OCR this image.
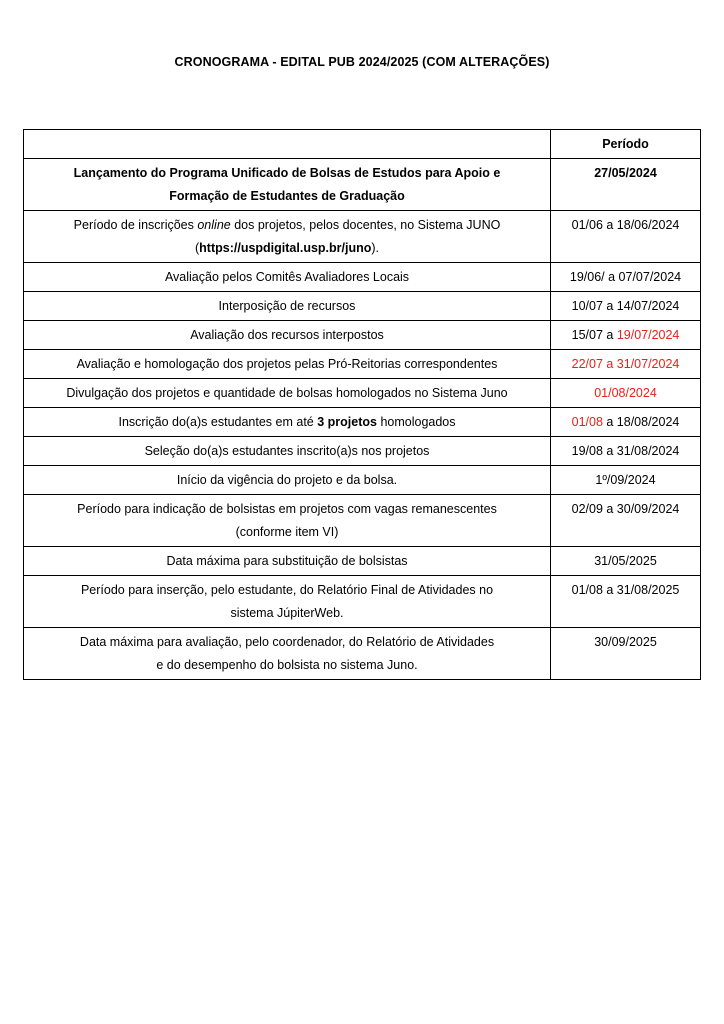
CRONOGRAMA - EDITAL PUB 2024/2025 (COM ALTERAÇÕES)
	Período

Lançamento do Programa Unificado de Bolsas de Estudos para Apoio e
Formação de Estudantes de Graduação	27/05/2024

Período de inscrições online dos projetos, pelos docentes, no Sistema JUNO
(https://uspdigital.usp.br/juno).	01/06 a 18/06/2024
Avaliação pelos Comitês Avaliadores Locais	19/06/ a 07/07/2024
Interposição de recursos	10/07 a 14/07/2024
Avaliação dos recursos interpostos	15/07 a 19/07/2024
Avaliação e homologação dos projetos pelas Pró-Reitorias correspondentes	22/07 a 31/07/2024
Divulgação dos projetos e quantidade de bolsas homologados no Sistema Juno	01/08/2024
Inscrição do(a)s estudantes em até 3 projetos homologados	01/08 a 18/08/2024
Seleção do(a)s estudantes inscrito(a)s nos projetos	19/08 a 31/08/2024
Início da vigência do projeto e da bolsa.	1º/09/2024

Período para indicação de bolsistas em projetos com vagas remanescentes
(conforme item VI)	02/09 a 30/09/2024
Data máxima para substituição de bolsistas	31/05/2025

Período para inserção, pelo estudante, do Relatório Final de Atividades no
sistema JúpiterWeb.	01/08 a 31/08/2025

Data máxima para avaliação, pelo coordenador, do Relatório de Atividades
e do desempenho do bolsista no sistema Juno.	30/09/2025
